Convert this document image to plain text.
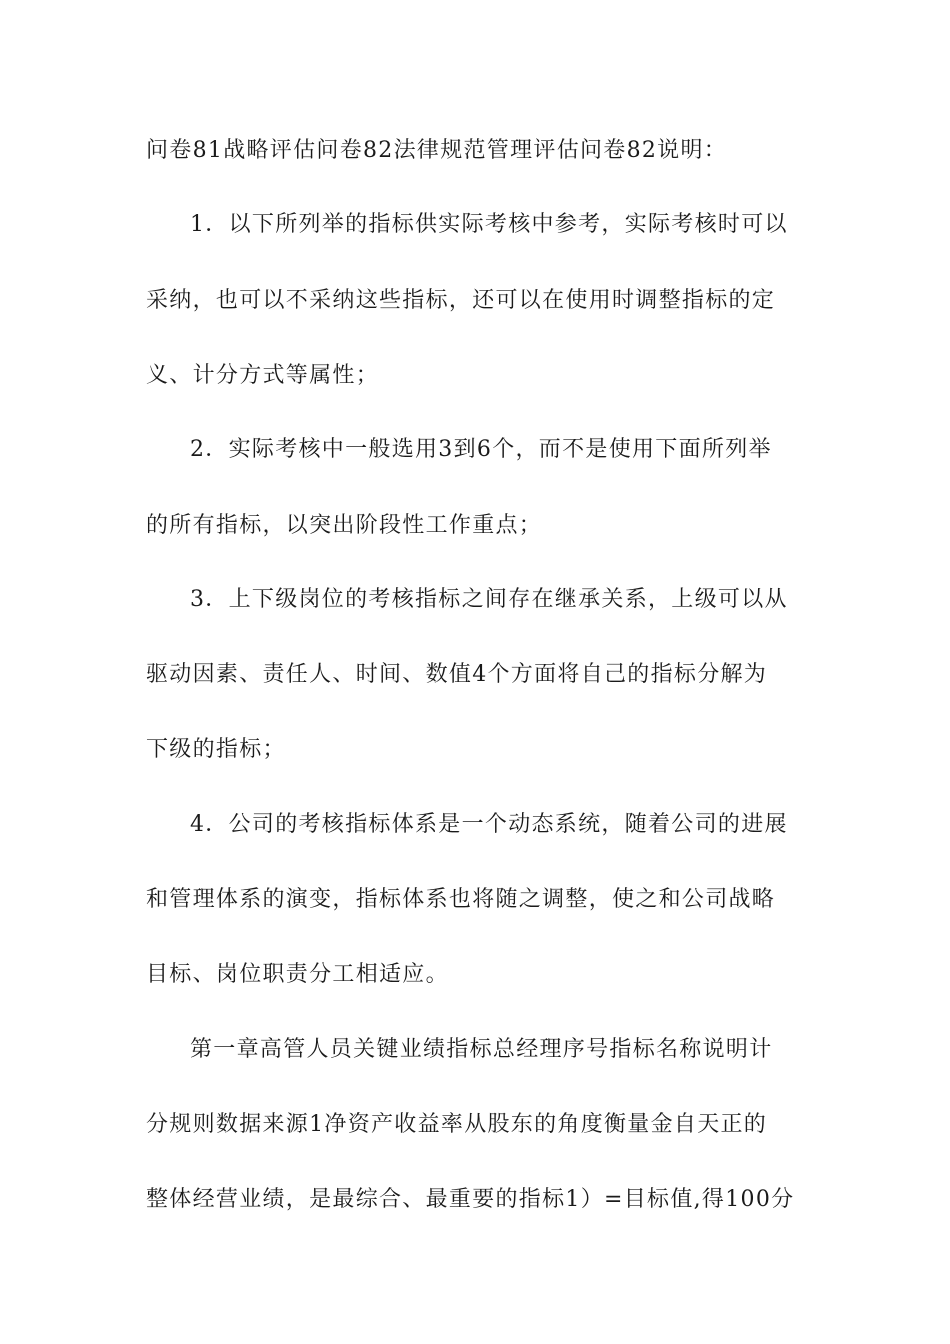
问卷81战略评估问卷82法律规范管理评估问卷82说明：
1．以下所列举的指标供实际考核中参考，实际考核时可以
采纳，也可以不采纳这些指标，还可以在使用时调整指标的定
义、计分方式等属性；
2．实际考核中一般选用3到6个，而不是使用下面所列举
的所有指标，以突出阶段性工作重点；
3．上下级岗位的考核指标之间存在继承关系，上级可以从
驱动因素、责任人、时间、数值4个方面将自己的指标分解为
下级的指标；
4．公司的考核指标体系是一个动态系统，随着公司的进展
和管理体系的演变，指标体系也将随之调整，使之和公司战略
目标、岗位职责分工相适应。
第一章高管人员关键业绩指标总经理序号指标名称说明计
分规则数据来源1净资产收益率从股东的角度衡量金自天正的
整体经营业绩，是最综合、最重要的指标1）=目标值,得100分
